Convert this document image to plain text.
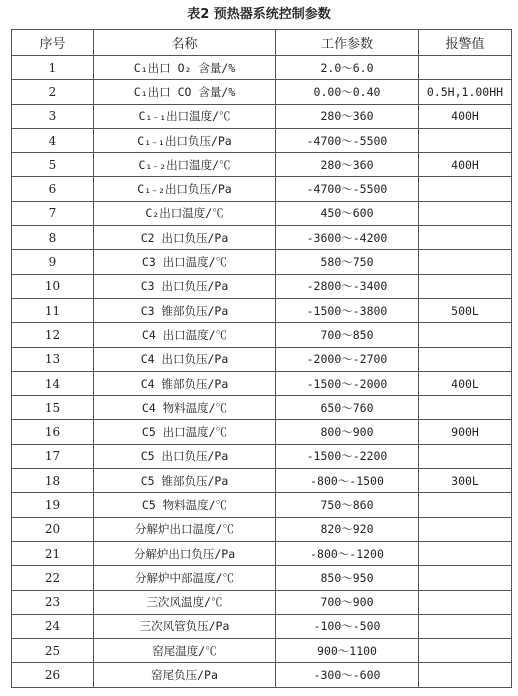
表2 预热器系统控制参数
序号	名称	工作参数	报警值
1	C₁出口 O₂ 含量/%	2.0～6.0	
2	C₁出口 CO 含量/%	0.00～0.40	0.5H,1.00HH
3	C₁₋₁出口温度/℃	280～360	400H
4	C₁₋₁出口负压/Pa	-4700～-5500	
5	C₁₋₂出口温度/℃	280～360	400H
6	C₁₋₂出口负压/Pa	-4700～-5500	
7	C₂出口温度/℃	450～600	
8	C2 出口负压/Pa	-3600～-4200	
9	C3 出口温度/℃	580～750	
10	C3 出口负压/Pa	-2800～-3400	
11	C3 锥部负压/Pa	-1500～-3800	500L
12	C4 出口温度/℃	700～850	
13	C4 出口负压/Pa	-2000～-2700	
14	C4 锥部负压/Pa	-1500～-2000	400L
15	C4 物料温度/℃	650～760	
16	C5 出口温度/℃	800～900	900H
17	C5 出口负压/Pa	-1500～-2200	
18	C5 锥部负压/Pa	-800～-1500	300L
19	C5 物料温度/℃	750～860	
20	分解炉出口温度/℃	820～920	
21	分解炉出口负压/Pa	-800～-1200	
22	分解炉中部温度/℃	850～950	
23	三次风温度/℃	700～900	
24	三次风管负压/Pa	-100～-500	
25	窑尾温度/℃	900～1100	
26	窑尾负压/Pa	-300～-600	
